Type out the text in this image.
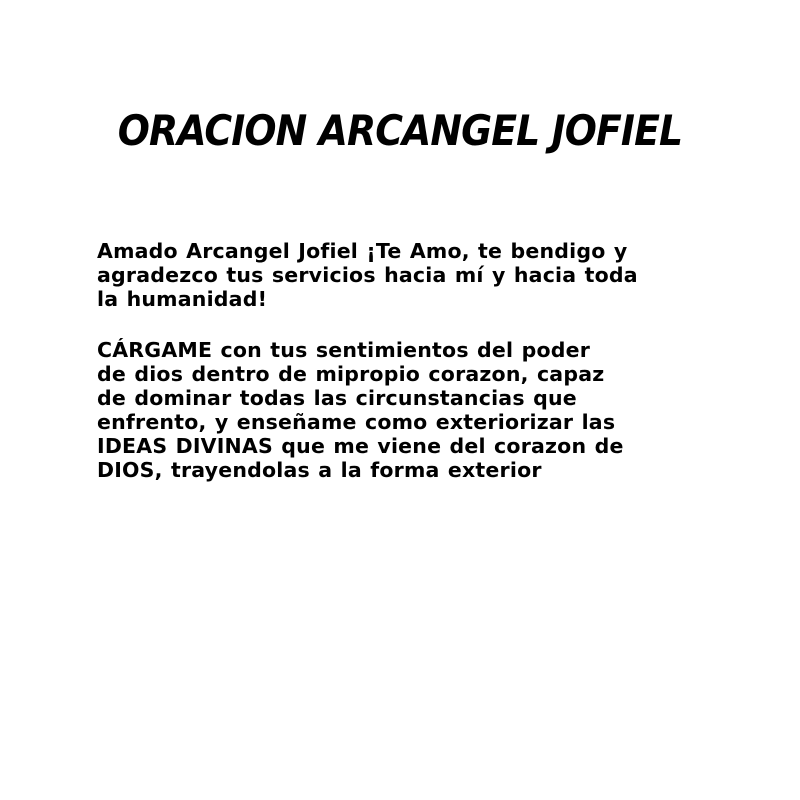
ORACION ARCANGEL JOFIEL
Amado Arcangel Jofiel ¡Te Amo, te bendigo y
agradezco tus servicios hacia mí y hacia toda
la humanidad!
CÁRGAME con tus sentimientos del poder
de dios dentro de mipropio corazon, capaz
de dominar todas las circunstancias que
enfrento, y enseñame como exteriorizar las
IDEAS DIVINAS que me viene del corazon de
DIOS, trayendolas a la forma exterior
